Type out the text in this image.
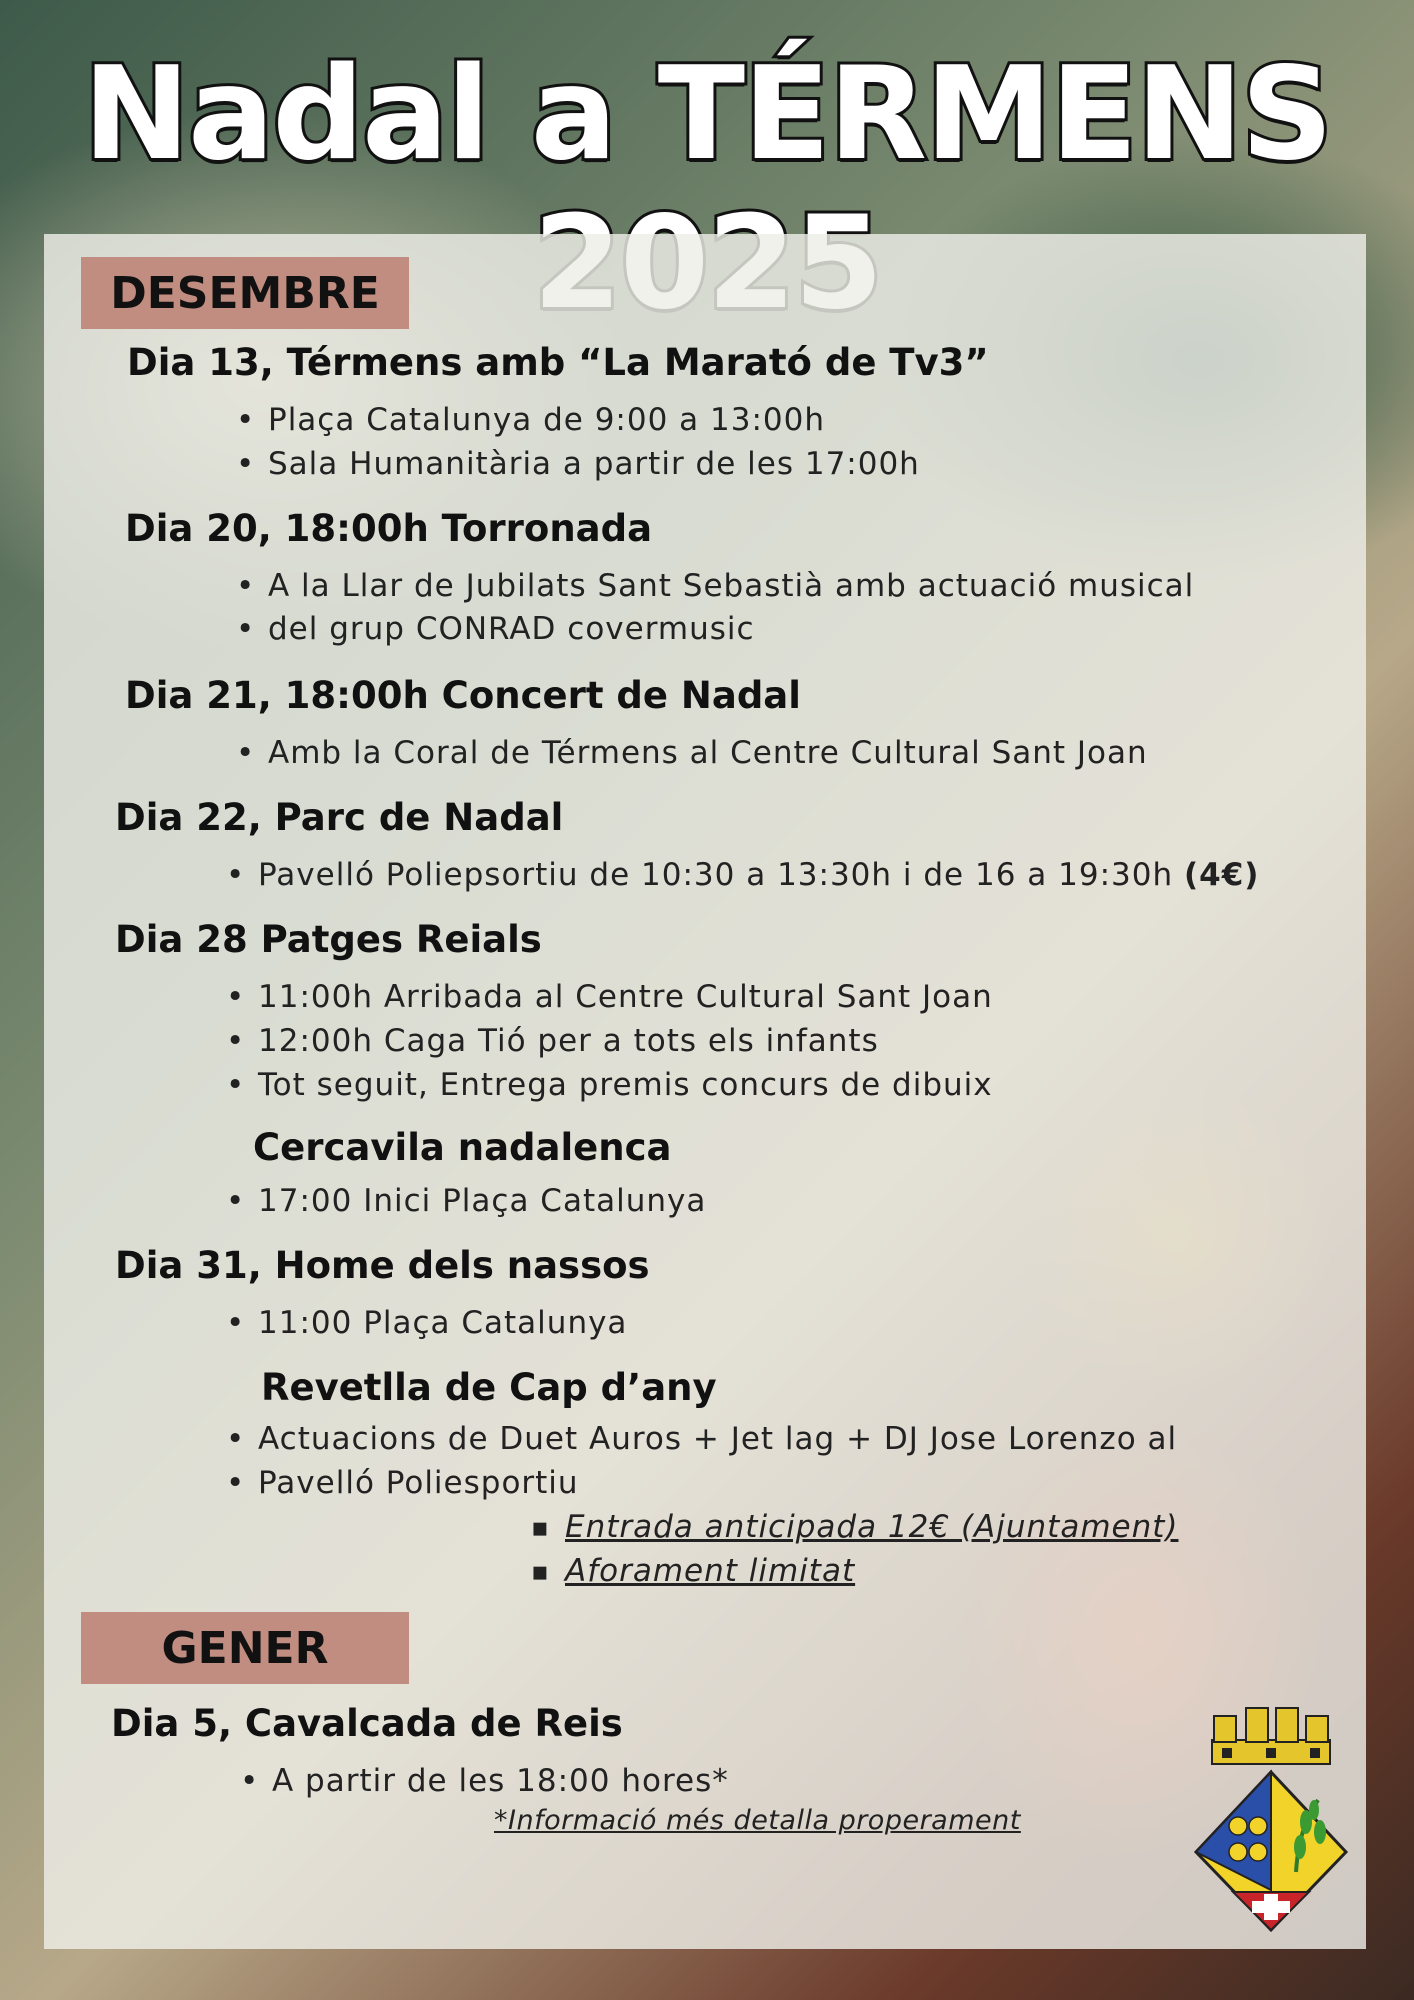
Nadal a TÉRMENS
DESEMBRE
Dia 13, Térmens amb “La Marató de Tv3”
• Plaça Catalunya de 9:00 a 13:00h
• Sala Humanitària a partir de les 17:00h
Dia 20, 18:00h Torronada
• A la Llar de Jubilats Sant Sebastià amb actuació musical
• del grup CONRAD covermusic
Dia 21, 18:00h Concert de Nadal
• Amb la Coral de Térmens al Centre Cultural Sant Joan
Dia 22, Parc de Nadal
• Pavelló Poliepsortiu de 10:30 a 13:30h i de 16 a 19:30h (4€)
Dia 28 Patges Reials
• 11:00h Arribada al Centre Cultural Sant Joan
• 12:00h Caga Tió per a tots els infants
• Tot seguit, Entrega premis concurs de dibuix
Cercavila nadalenca
• 17:00 Inici Plaça Catalunya
Dia 31, Home dels nassos
• 11:00 Plaça Catalunya
Revetlla de Cap d’any
• Actuacions de Duet Auros + Jet lag + DJ Jose Lorenzo al
• Pavelló Poliesportiu
▪ Entrada anticipada 12€ (Ajuntament)
▪ Aforament limitat
GENER
Dia 5, Cavalcada de Reis
• A partir de les 18:00 hores*
*Informació més detalla properament
